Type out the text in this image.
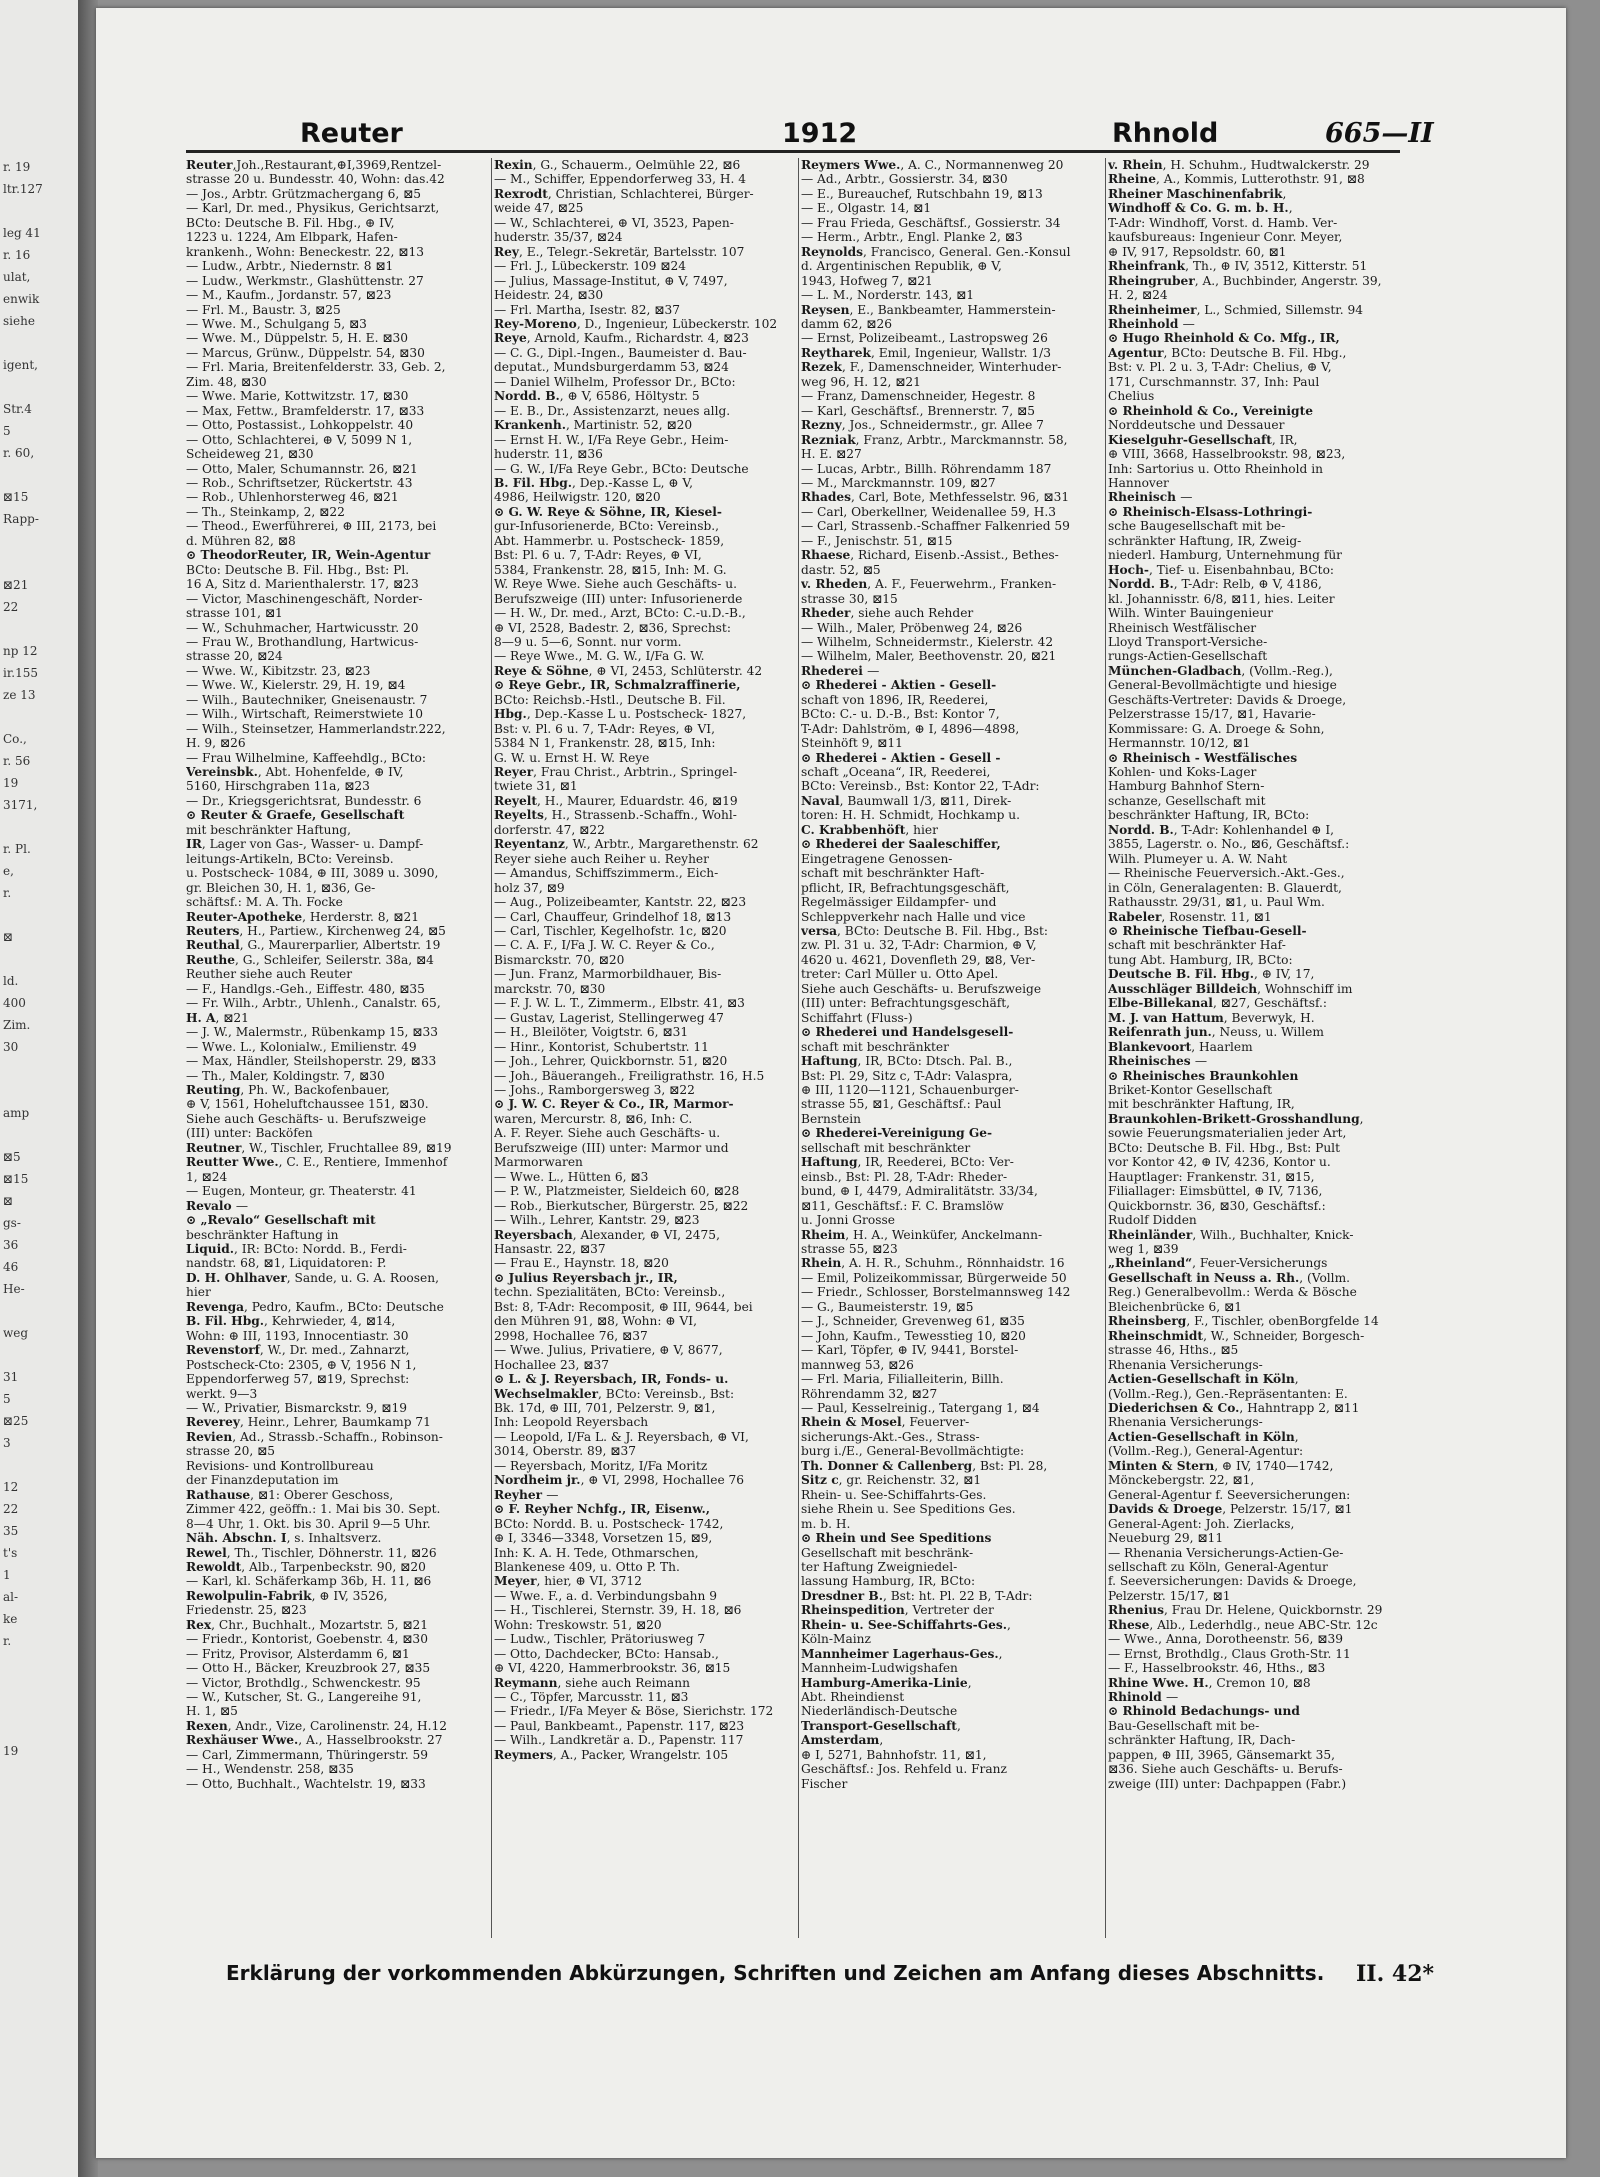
r. 19
ltr.127
leg 41
r. 16
ulat,
enwik
siehe
igent,
Str.4
5
r. 60,
⊠15
Rapp-
⊠21
22
np 12
ir.155
ze 13
Co.,
r. 56
19
3171,
r. Pl.
e,
r.
⊠
ld.
400
Zim.
30
amp
⊠5
⊠15
⊠
gs-
36
46
He-
weg
31
5
⊠25
3
12
22
35
t's
1
al-
ke
r.
19
Reuter	1912	Rhnold	665—II
Reuter,Joh.,Restaurant,⊕I,3969,Rentzel-
strasse 20 u. Bundesstr. 40, Wohn: das.42
— Jos., Arbtr. Grützmachergang 6, ⊠5
— Karl, Dr. med., Physikus, Gerichtsarzt,
BCto: Deutsche B. Fil. Hbg., ⊕ IV,
1223 u. 1224, Am Elbpark, Hafen-
krankenh., Wohn: Beneckestr. 22, ⊠13
— Ludw., Arbtr., Niedernstr. 8 ⊠1
— Ludw., Werkmstr., Glashüttenstr. 27
— M., Kaufm., Jordanstr. 57, ⊠23
— Frl. M., Baustr. 3, ⊠25
— Wwe. M., Schulgang 5, ⊠3
— Wwe. M., Düppelstr. 5, H. E. ⊠30
— Marcus, Grünw., Düppelstr. 54, ⊠30
— Frl. Maria, Breitenfelderstr. 33, Geb. 2,
Zim. 48, ⊠30
— Wwe. Marie, Kottwitzstr. 17, ⊠30
— Max, Fettw., Bramfelderstr. 17, ⊠33
— Otto, Postassist., Lohkoppelstr. 40
— Otto, Schlachterei, ⊕ V, 5099 N 1,
Scheideweg 21, ⊠30
— Otto, Maler, Schumannstr. 26, ⊠21
— Rob., Schriftsetzer, Rückertstr. 43
— Rob., Uhlenhorsterweg 46, ⊠21
— Th., Steinkamp, 2, ⊠22
— Theod., Ewerführerei, ⊕ III, 2173, bei
d. Mühren 82, ⊠8
⊙ TheodorReuter, IR, Wein-Agentur
BCto: Deutsche B. Fil. Hbg., Bst: Pl.
16 A, Sitz d. Marienthalerstr. 17, ⊠23
— Victor, Maschinengeschäft, Norder-
strasse 101, ⊠1
— W., Schuhmacher, Hartwicusstr. 20
— Frau W., Brothandlung, Hartwicus-
strasse 20, ⊠24
— Wwe. W., Kibitzstr. 23, ⊠23
— Wwe. W., Kielerstr. 29, H. 19, ⊠4
— Wilh., Bautechniker, Gneisenaustr. 7
— Wilh., Wirtschaft, Reimerstwiete 10
— Wilh., Steinsetzer, Hammerlandstr.222,
H. 9, ⊠26
— Frau Wilhelmine, Kaffeehdlg., BCto:
Vereinsbk., Abt. Hohenfelde, ⊕ IV,
5160, Hirschgraben 11a, ⊠23
— Dr., Kriegsgerichtsrat, Bundesstr. 6
⊙ Reuter & Graefe, Gesellschaft
mit beschränkter Haftung,
IR, Lager von Gas-, Wasser- u. Dampf-
leitungs-Artikeln, BCto: Vereinsb.
u. Postscheck- 1084, ⊕ III, 3089 u. 3090,
gr. Bleichen 30, H. 1, ⊠36, Ge-
schäftsf.: M. A. Th. Focke
Reuter-Apotheke, Herderstr. 8, ⊠21
Reuters, H., Partiew., Kirchenweg 24, ⊠5
Reuthal, G., Maurerparlier, Albertstr. 19
Reuthe, G., Schleifer, Seilerstr. 38a, ⊠4
Reuther siehe auch Reuter
— F., Handlgs.-Geh., Eiffestr. 480, ⊠35
— Fr. Wilh., Arbtr., Uhlenh., Canalstr. 65,
H. A, ⊠21
— J. W., Malermstr., Rübenkamp 15, ⊠33
— Wwe. L., Kolonialw., Emilienstr. 49
— Max, Händler, Steilshoperstr. 29, ⊠33
— Th., Maler, Koldingstr. 7, ⊠30
Reuting, Ph. W., Backofenbauer,
⊕ V, 1561, Hoheluftchaussee 151, ⊠30.
Siehe auch Geschäfts- u. Berufszweige
(III) unter: Backöfen
Reutner, W., Tischler, Fruchtallee 89, ⊠19
Reutter Wwe., C. E., Rentiere, Immenhof
1, ⊠24
— Eugen, Monteur, gr. Theaterstr. 41
Revalo —
⊙ „Revalo“ Gesellschaft mit
beschränkter Haftung in
Liquid., IR: BCto: Nordd. B., Ferdi-
nandstr. 68, ⊠1, Liquidatoren: P.
D. H. Ohlhaver, Sande, u. G. A. Roosen,
hier
Revenga, Pedro, Kaufm., BCto: Deutsche
B. Fil. Hbg., Kehrwieder, 4, ⊠14,
Wohn: ⊕ III, 1193, Innocentiastr. 30
Revenstorf, W., Dr. med., Zahnarzt,
Postscheck-Cto: 2305, ⊕ V, 1956 N 1,
Eppendorferweg 57, ⊠19, Sprechst:
werkt. 9—3
— W., Privatier, Bismarckstr. 9, ⊠19
Reverey, Heinr., Lehrer, Baumkamp 71
Revien, Ad., Strassb.-Schaffn., Robinson-
strasse 20, ⊠5
Revisions- und Kontrollbureau
der Finanzdeputation im
Rathause, ⊠1: Oberer Geschoss,
Zimmer 422, geöffn.: 1. Mai bis 30. Sept.
8—4 Uhr, 1. Okt. bis 30. April 9—5 Uhr.
Näh. Abschn. I, s. Inhaltsverz.
Rewel, Th., Tischler, Döhnerstr. 11, ⊠26
Rewoldt, Alb., Tarpenbeckstr. 90, ⊠20
— Karl, kl. Schäferkamp 36b, H. 11, ⊠6
Rewolpulin-Fabrik, ⊕ IV, 3526,
Friedenstr. 25, ⊠23
Rex, Chr., Buchhalt., Mozartstr. 5, ⊠21
— Friedr., Kontorist, Goebenstr. 4, ⊠30
— Fritz, Provisor, Alsterdamm 6, ⊠1
— Otto H., Bäcker, Kreuzbrook 27, ⊠35
— Victor, Brothdlg., Schwenckestr. 95
— W., Kutscher, St. G., Langereihe 91,
H. 1, ⊠5
Rexen, Andr., Vize, Carolinenstr. 24, H.12
Rexhäuser Wwe., A., Hasselbrookstr. 27
— Carl, Zimmermann, Thüringerstr. 59
— H., Wendenstr. 258, ⊠35
— Otto, Buchhalt., Wachtelstr. 19, ⊠33
Rexin, G., Schauerm., Oelmühle 22, ⊠6
— M., Schiffer, Eppendorferweg 33, H. 4
Rexrodt, Christian, Schlachterei, Bürger-
weide 47, ⊠25
— W., Schlachterei, ⊕ VI, 3523, Papen-
huderstr. 35/37, ⊠24
Rey, E., Telegr.-Sekretär, Bartelsstr. 107
— Frl. J., Lübeckerstr. 109 ⊠24
— Julius, Massage-Institut, ⊕ V, 7497,
Heidestr. 24, ⊠30
— Frl. Martha, Isestr. 82, ⊠37
Rey-Moreno, D., Ingenieur, Lübeckerstr. 102
Reye, Arnold, Kaufm., Richardstr. 4, ⊠23
— C. G., Dipl.-Ingen., Baumeister d. Bau-
deputat., Mundsburgerdamm 53, ⊠24
— Daniel Wilhelm, Professor Dr., BCto:
Nordd. B., ⊕ V, 6586, Höltystr. 5
— E. B., Dr., Assistenzarzt, neues allg.
Krankenh., Martinistr. 52, ⊠20
— Ernst H. W., I/Fa Reye Gebr., Heim-
huderstr. 11, ⊠36
— G. W., I/Fa Reye Gebr., BCto: Deutsche
B. Fil. Hbg., Dep.-Kasse L, ⊕ V,
4986, Heilwigstr. 120, ⊠20
⊙ G. W. Reye & Söhne, IR, Kiesel-
gur-Infusorienerde, BCto: Vereinsb.,
Abt. Hammerbr. u. Postscheck- 1859,
Bst: Pl. 6 u. 7, T-Adr: Reyes, ⊕ VI,
5384, Frankenstr. 28, ⊠15, Inh: M. G.
W. Reye Wwe. Siehe auch Geschäfts- u.
Berufszweige (III) unter: Infusorienerde
— H. W., Dr. med., Arzt, BCto: C.-u.D.-B.,
⊕ VI, 2528, Badestr. 2, ⊠36, Sprechst:
8—9 u. 5—6, Sonnt. nur vorm.
— Reye Wwe., M. G. W., I/Fa G. W.
Reye & Söhne, ⊕ VI, 2453, Schlüterstr. 42
⊙ Reye Gebr., IR, Schmalzraffinerie,
BCto: Reichsb.-Hstl., Deutsche B. Fil.
Hbg., Dep.-Kasse L u. Postscheck- 1827,
Bst: v. Pl. 6 u. 7, T-Adr: Reyes, ⊕ VI,
5384 N 1, Frankenstr. 28, ⊠15, Inh:
G. W. u. Ernst H. W. Reye
Reyer, Frau Christ., Arbtrin., Springel-
twiete 31, ⊠1
Reyelt, H., Maurer, Eduardstr. 46, ⊠19
Reyelts, H., Strassenb.-Schaffn., Wohl-
dorferstr. 47, ⊠22
Reyentanz, W., Arbtr., Margarethenstr. 62
Reyer siehe auch Reiher u. Reyher
— Amandus, Schiffszimmerm., Eich-
holz 37, ⊠9
— Aug., Polizeibeamter, Kantstr. 22, ⊠23
— Carl, Chauffeur, Grindelhof 18, ⊠13
— Carl, Tischler, Kegelhofstr. 1c, ⊠20
— C. A. F., I/Fa J. W. C. Reyer & Co.,
Bismarckstr. 70, ⊠20
— Jun. Franz, Marmorbildhauer, Bis-
marckstr. 70, ⊠30
— F. J. W. L. T., Zimmerm., Elbstr. 41, ⊠3
— Gustav, Lagerist, Stellingerweg 47
— H., Bleilöter, Voigtstr. 6, ⊠31
— Hinr., Kontorist, Schubertstr. 11
— Joh., Lehrer, Quickbornstr. 51, ⊠20
— Joh., Bäuerangeh., Freiligrathstr. 16, H.5
— Johs., Ramborgersweg 3, ⊠22
⊙ J. W. C. Reyer & Co., IR, Marmor-
waren, Mercurstr. 8, ⊠6, Inh: C.
A. F. Reyer. Siehe auch Geschäfts- u.
Berufszweige (III) unter: Marmor und
Marmorwaren
— Wwe. L., Hütten 6, ⊠3
— P. W., Platzmeister, Sieldeich 60, ⊠28
— Rob., Bierkutscher, Bürgerstr. 25, ⊠22
— Wilh., Lehrer, Kantstr. 29, ⊠23
Reyersbach, Alexander, ⊕ VI, 2475,
Hansastr. 22, ⊠37
— Frau E., Haynstr. 18, ⊠20
⊙ Julius Reyersbach jr., IR,
techn. Spezialitäten, BCto: Vereinsb.,
Bst: 8, T-Adr: Recomposit, ⊕ III, 9644, bei
den Mühren 91, ⊠8, Wohn: ⊕ VI,
2998, Hochallee 76, ⊠37
— Wwe. Julius, Privatiere, ⊕ V, 8677,
Hochallee 23, ⊠37
⊙ L. & J. Reyersbach, IR, Fonds- u.
Wechselmakler, BCto: Vereinsb., Bst:
Bk. 17d, ⊕ III, 701, Pelzerstr. 9, ⊠1,
Inh: Leopold Reyersbach
— Leopold, I/Fa L. & J. Reyersbach, ⊕ VI,
3014, Oberstr. 89, ⊠37
— Reyersbach, Moritz, I/Fa Moritz
Nordheim jr., ⊕ VI, 2998, Hochallee 76
Reyher —
⊙ F. Reyher Nchfg., IR, Eisenw.,
BCto: Nordd. B. u. Postscheck- 1742,
⊕ I, 3346—3348, Vorsetzen 15, ⊠9,
Inh: K. A. H. Tede, Othmarschen,
Blankenese 409, u. Otto P. Th.
Meyer, hier, ⊕ VI, 3712
— Wwe. F., a. d. Verbindungsbahn 9
— H., Tischlerei, Sternstr. 39, H. 18, ⊠6
Wohn: Treskowstr. 51, ⊠20
— Ludw., Tischler, Prätoriusweg 7
— Otto, Dachdecker, BCto: Hansab.,
⊕ VI, 4220, Hammerbrookstr. 36, ⊠15
Reymann, siehe auch Reimann
— C., Töpfer, Marcusstr. 11, ⊠3
— Friedr., I/Fa Meyer & Böse, Sierichstr. 172
— Paul, Bankbeamt., Papenstr. 117, ⊠23
— Wilh., Landkretär a. D., Papenstr. 117
Reymers, A., Packer, Wrangelstr. 105
Reymers Wwe., A. C., Normannenweg 20
— Ad., Arbtr., Gossierstr. 34, ⊠30
— E., Bureauchef, Rutschbahn 19, ⊠13
— E., Olgastr. 14, ⊠1
— Frau Frieda, Geschäftsf., Gossierstr. 34
— Herm., Arbtr., Engl. Planke 2, ⊠3
Reynolds, Francisco, General. Gen.-Konsul
d. Argentinischen Republik, ⊕ V,
1943, Hofweg 7, ⊠21
— L. M., Norderstr. 143, ⊠1
Reysen, E., Bankbeamter, Hammerstein-
damm 62, ⊠26
— Ernst, Polizeibeamt., Lastropsweg 26
Reytharek, Emil, Ingenieur, Wallstr. 1/3
Rezek, F., Damenschneider, Winterhuder-
weg 96, H. 12, ⊠21
— Franz, Damenschneider, Hegestr. 8
— Karl, Geschäftsf., Brennerstr. 7, ⊠5
Rezny, Jos., Schneidermstr., gr. Allee 7
Rezniak, Franz, Arbtr., Marckmannstr. 58,
H. E. ⊠27
— Lucas, Arbtr., Billh. Röhrendamm 187
— M., Marckmannstr. 109, ⊠27
Rhades, Carl, Bote, Methfesselstr. 96, ⊠31
— Carl, Oberkellner, Weidenallee 59, H.3
— Carl, Strassenb.-Schaffner Falkenried 59
— F., Jenischstr. 51, ⊠15
Rhaese, Richard, Eisenb.-Assist., Bethes-
dastr. 52, ⊠5
v. Rheden, A. F., Feuerwehrm., Franken-
strasse 30, ⊠15
Rheder, siehe auch Rehder
— Wilh., Maler, Pröbenweg 24, ⊠26
— Wilhelm, Schneidermstr., Kielerstr. 42
— Wilhelm, Maler, Beethovenstr. 20, ⊠21
Rhederei —
⊙ Rhederei - Aktien - Gesell-
schaft von 1896, IR, Reederei,
BCto: C.- u. D.-B., Bst: Kontor 7,
T-Adr: Dahlström, ⊕ I, 4896—4898,
Steinhöft 9, ⊠11
⊙ Rhederei - Aktien - Gesell -
schaft „Oceana“, IR, Reederei,
BCto: Vereinsb., Bst: Kontor 22, T-Adr:
Naval, Baumwall 1/3, ⊠11, Direk-
toren: H. H. Schmidt, Hochkamp u.
C. Krabbenhöft, hier
⊙ Rhederei der Saaleschiffer,
Eingetragene Genossen-
schaft mit beschränkter Haft-
pflicht, IR, Befrachtungsgeschäft,
Regelmässiger Eildampfer- und
Schleppverkehr nach Halle und vice
versa, BCto: Deutsche B. Fil. Hbg., Bst:
zw. Pl. 31 u. 32, T-Adr: Charmion, ⊕ V,
4620 u. 4621, Dovenfleth 29, ⊠8, Ver-
treter: Carl Müller u. Otto Apel.
Siehe auch Geschäfts- u. Berufszweige
(III) unter: Befrachtungsgeschäft,
Schiffahrt (Fluss-)
⊙ Rhederei und Handelsgesell-
schaft mit beschränkter
Haftung, IR, BCto: Dtsch. Pal. B.,
Bst: Pl. 29, Sitz c, T-Adr: Valaspra,
⊕ III, 1120—1121, Schauenburger-
strasse 55, ⊠1, Geschäftsf.: Paul
Bernstein
⊙ Rhederei-Vereinigung Ge-
sellschaft mit beschränkter
Haftung, IR, Reederei, BCto: Ver-
einsb., Bst: Pl. 28, T-Adr: Rheder-
bund, ⊕ I, 4479, Admiralitätstr. 33/34,
⊠11, Geschäftsf.: F. C. Bramslöw
u. Jonni Grosse
Rheim, H. A., Weinküfer, Anckelmann-
strasse 55, ⊠23
Rhein, A. H. R., Schuhm., Rönnhaidstr. 16
— Emil, Polizeikommissar, Bürgerweide 50
— Friedr., Schlosser, Borstelmannsweg 142
— G., Baumeisterstr. 19, ⊠5
— J., Schneider, Grevenweg 61, ⊠35
— John, Kaufm., Tewesstieg 10, ⊠20
— Karl, Töpfer, ⊕ IV, 9441, Borstel-
mannweg 53, ⊠26
— Frl. Maria, Filialleiterin, Billh.
Röhrendamm 32, ⊠27
— Paul, Kesselreinig., Tatergang 1, ⊠4
Rhein & Mosel, Feuerver-
sicherungs-Akt.-Ges., Strass-
burg i./E., General-Bevollmächtigte:
Th. Donner & Callenberg, Bst: Pl. 28,
Sitz c, gr. Reichenstr. 32, ⊠1
Rhein- u. See-Schiffahrts-Ges.
siehe Rhein u. See Speditions Ges.
m. b. H.
⊙ Rhein und See Speditions
Gesellschaft mit beschränk-
ter Haftung Zweigniedel-
lassung Hamburg, IR, BCto:
Dresdner B., Bst: ht. Pl. 22 B, T-Adr:
Rheinspedition, Vertreter der
Rhein- u. See-Schiffahrts-Ges.,
Köln-Mainz
Mannheimer Lagerhaus-Ges.,
Mannheim-Ludwigshafen
Hamburg-Amerika-Linie,
Abt. Rheindienst
Niederländisch-Deutsche
Transport-Gesellschaft,
Amsterdam,
⊕ I, 5271, Bahnhofstr. 11, ⊠1,
Geschäftsf.: Jos. Rehfeld u. Franz
Fischer
v. Rhein, H. Schuhm., Hudtwalckerstr. 29
Rheine, A., Kommis, Lutterothstr. 91, ⊠8
Rheiner Maschinenfabrik,
Windhoff & Co. G. m. b. H.,
T-Adr: Windhoff, Vorst. d. Hamb. Ver-
kaufsbureaus: Ingenieur Conr. Meyer,
⊕ IV, 917, Repsoldstr. 60, ⊠1
Rheinfrank, Th., ⊕ IV, 3512, Kitterstr. 51
Rheingruber, A., Buchbinder, Angerstr. 39,
H. 2, ⊠24
Rheinheimer, L., Schmied, Sillemstr. 94
Rheinhold —
⊙ Hugo Rheinhold & Co. Mfg., IR,
Agentur, BCto: Deutsche B. Fil. Hbg.,
Bst: v. Pl. 2 u. 3, T-Adr: Chelius, ⊕ V,
171, Curschmannstr. 37, Inh: Paul
Chelius
⊙ Rheinhold & Co., Vereinigte
Norddeutsche und Dessauer
Kieselguhr-Gesellschaft, IR,
⊕ VIII, 3668, Hasselbrookstr. 98, ⊠23,
Inh: Sartorius u. Otto Rheinhold in
Hannover
Rheinisch —
⊙ Rheinisch-Elsass-Lothringi-
sche Baugesellschaft mit be-
schränkter Haftung, IR, Zweig-
niederl. Hamburg, Unternehmung für
Hoch-, Tief- u. Eisenbahnbau, BCto:
Nordd. B., T-Adr: Relb, ⊕ V, 4186,
kl. Johannisstr. 6/8, ⊠11, hies. Leiter
Wilh. Winter Bauingenieur
Rheinisch Westfälischer
Lloyd Transport-Versiche-
rungs-Actien-Gesellschaft
München-Gladbach, (Vollm.-Reg.),
General-Bevollmächtigte und hiesige
Geschäfts-Vertreter: Davids & Droege,
Pelzerstrasse 15/17, ⊠1, Havarie-
Kommissare: G. A. Droege & Sohn,
Hermannstr. 10/12, ⊠1
⊙ Rheinisch - Westfälisches
Kohlen- und Koks-Lager
Hamburg Bahnhof Stern-
schanze, Gesellschaft mit
beschränkter Haftung, IR, BCto:
Nordd. B., T-Adr: Kohlenhandel ⊕ I,
3855, Lagerstr. o. No., ⊠6, Geschäftsf.:
Wilh. Plumeyer u. A. W. Naht
— Rheinische Feuerversich.-Akt.-Ges.,
in Cöln, Generalagenten: B. Glauerdt,
Rathausstr. 29/31, ⊠1, u. Paul Wm.
Rabeler, Rosenstr. 11, ⊠1
⊙ Rheinische Tiefbau-Gesell-
schaft mit beschränkter Haf-
tung Abt. Hamburg, IR, BCto:
Deutsche B. Fil. Hbg., ⊕ IV, 17,
Ausschläger Billdeich, Wohnschiff im
Elbe-Billekanal, ⊠27, Geschäftsf.:
M. J. van Hattum, Beverwyk, H.
Reifenrath jun., Neuss, u. Willem
Blankevoort, Haarlem
Rheinisches —
⊙ Rheinisches Braunkohlen
Briket-Kontor Gesellschaft
mit beschränkter Haftung, IR,
Braunkohlen-Brikett-Grosshandlung,
sowie Feuerungsmaterialien jeder Art,
BCto: Deutsche B. Fil. Hbg., Bst: Pult
vor Kontor 42, ⊕ IV, 4236, Kontor u.
Hauptlager: Frankenstr. 31, ⊠15,
Filiallager: Eimsbüttel, ⊕ IV, 7136,
Quickbornstr. 36, ⊠30, Geschäftsf.:
Rudolf Didden
Rheinländer, Wilh., Buchhalter, Knick-
weg 1, ⊠39
„Rheinland“, Feuer-Versicherungs
Gesellschaft in Neuss a. Rh., (Vollm.
Reg.) Generalbevollm.: Werda & Bösche
Bleichenbrücke 6, ⊠1
Rheinsberg, F., Tischler, obenBorgfelde 14
Rheinschmidt, W., Schneider, Borgesch-
strasse 46, Hths., ⊠5
Rhenania Versicherungs-
Actien-Gesellschaft in Köln,
(Vollm.-Reg.), Gen.-Repräsentanten: E.
Diederichsen & Co., Hahntrapp 2, ⊠11
Rhenania Versicherungs-
Actien-Gesellschaft in Köln,
(Vollm.-Reg.), General-Agentur:
Minten & Stern, ⊕ IV, 1740—1742,
Mönckebergstr. 22, ⊠1,
General-Agentur f. Seeversicherungen:
Davids & Droege, Pelzerstr. 15/17, ⊠1
General-Agent: Joh. Zierlacks,
Neueburg 29, ⊠11
— Rhenania Versicherungs-Actien-Ge-
sellschaft zu Köln, General-Agentur
f. Seeversicherungen: Davids & Droege,
Pelzerstr. 15/17, ⊠1
Rhenius, Frau Dr. Helene, Quickbornstr. 29
Rhese, Alb., Lederhdlg., neue ABC-Str. 12c
— Wwe., Anna, Dorotheenstr. 56, ⊠39
— Ernst, Brothdlg., Claus Groth-Str. 11
— F., Hasselbrookstr. 46, Hths., ⊠3
Rhine Wwe. H., Cremon 10, ⊠8
Rhinold —
⊙ Rhinold Bedachungs- und
Bau-Gesellschaft mit be-
schränkter Haftung, IR, Dach-
pappen, ⊕ III, 3965, Gänsemarkt 35,
⊠36. Siehe auch Geschäfts- u. Berufs-
zweige (III) unter: Dachpappen (Fabr.)
Erklärung der vorkommenden Abkürzungen, Schriften und Zeichen am Anfang dieses Abschnitts. II. 42*
